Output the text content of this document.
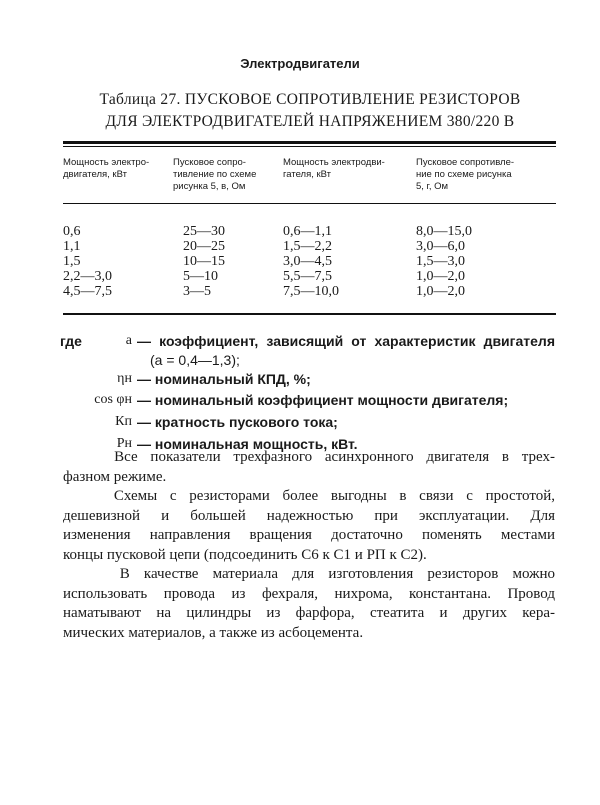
Электродвигатели
Таблица 27. ПУСКОВОЕ СОПРОТИВЛЕНИЕ РЕЗИСТОРОВ
ДЛЯ ЭЛЕКТРОДВИГАТЕЛЕЙ НАПРЯЖЕНИЕМ 380/220 В
где
Мощность электро-
двигателя, кВт
Пусковое сопро-
тивление по схеме
рисунка 5, в, Ом
Мощность электродви-
гателя, кВт
Пусковое сопротивле-
ние по схеме рисунка
5, г, Ом
0,6	25—30	0,6—1,1	8,0—15,0
1,1	20—25	1,5—2,2	3,0—6,0
1,5	10—15	3,0—4,5	1,5—3,0
2,2—3,0	5—10	5,5—7,5	1,0—2,0
4,5—7,5	3—5	7,5—10,0	1,0—2,0
a — коэффициент, зависящий от характеристик двигателя
(a = 0,4—1,3);
ηн — номинальный КПД, %;
cos φн — номинальный коэффициент мощности двигателя;
Кп — кратность пускового тока;
Рн — номинальная мощность, кВт.
Все показатели трехфазного асинхронного двигателя в трех-
фазном режиме.
Схемы с резисторами более выгодны в связи с простотой,
дешевизной и большей надежностью при эксплуатации. Для
изменения направления вращения достаточно поменять местами
концы пусковой цепи (подсоединить С6 к С1 и РП к С2).
В качестве материала для изготовления резисторов можно
использовать провода из фехраля, нихрома, константана. Провод
наматывают на цилиндры из фарфора, стеатита и других кера-
мических материалов, а также из асбоцемента.
